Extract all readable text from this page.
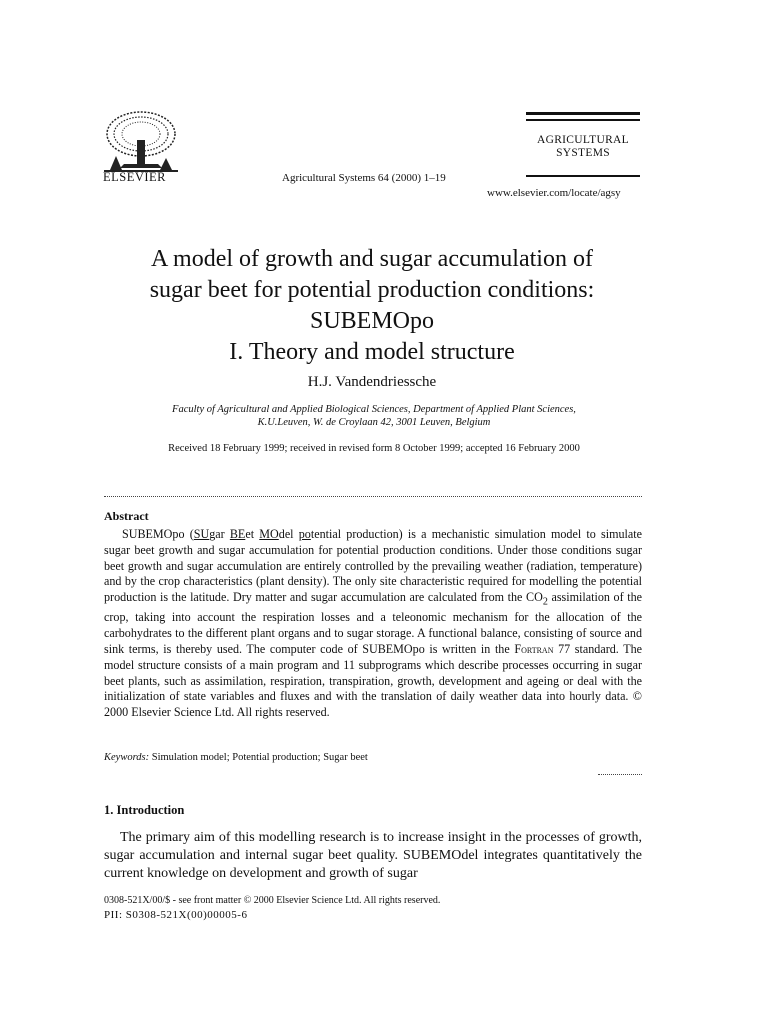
ELSEVIER	Agricultural Systems 64 (2000) 1–19
AGRICULTURAL
SYSTEMS
www.elsevier.com/locate/agsy
A model of growth and sugar accumulation of
sugar beet for potential production conditions:
SUBEMOpo
I. Theory and model structure
H.J. Vandendriessche
Faculty of Agricultural and Applied Biological Sciences, Department of Applied Plant Sciences,
K.U.Leuven, W. de Croylaan 42, 3001 Leuven, Belgium
Received 18 February 1999; received in revised form 8 October 1999; accepted 16 February 2000
Abstract
SUBEMOpo (SUgar BEet MOdel potential production) is a mechanistic simulation model to simulate sugar beet growth and sugar accumulation for potential production conditions. Under those conditions sugar beet growth and sugar accumulation are entirely controlled by the prevailing weather (radiation, temperature) and by the crop characteristics (plant density). The only site characteristic required for modelling the potential production is the latitude. Dry matter and sugar accumulation are calculated from the $CO_2$ assimilation of the crop, taking into account the respiration losses and a teleonomic mechanism for the allocation of the carbohydrates to the different plant organs and to sugar storage. A functional balance, consisting of source and sink terms, is thereby used. The computer code of SUBEMOpo is written in the Fortran 77 standard. The model structure consists of a main program and 11 subprograms which describe processes occurring in sugar beet plants, such as assimilation, respiration, transpiration, growth, development and ageing or deal with the initialization of state variables and fluxes and with the translation of daily weather data into hourly data. © 2000 Elsevier Science Ltd. All rights reserved.
Keywords: Simulation model; Potential production; Sugar beet
1. Introduction
The primary aim of this modelling research is to increase insight in the processes of growth, sugar accumulation and internal sugar beet quality. SUBEMOdel integrates quantitatively the current knowledge on development and growth of sugar
0308-521X/00/$ - see front matter © 2000 Elsevier Science Ltd. All rights reserved.
PII: S0308-521X(00)00005-6
